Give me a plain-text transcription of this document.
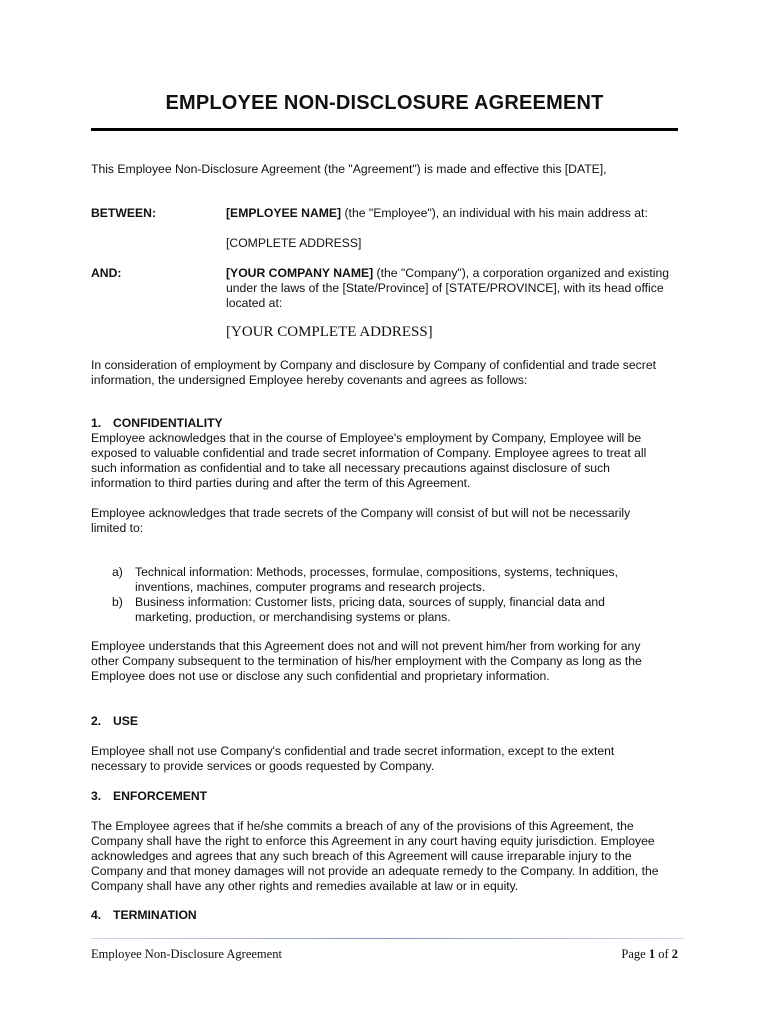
EMPLOYEE NON-DISCLOSURE AGREEMENT
This Employee Non-Disclosure Agreement (the "Agreement") is made and effective this [DATE],
BETWEEN:	[EMPLOYEE NAME] (the "Employee"), an individual with his main address at:
[COMPLETE ADDRESS]
AND:	[YOUR COMPANY NAME] (the "Company"), a corporation organized and existing
under the laws of the [State/Province] of [STATE/PROVINCE], with its head office
located at:
[YOUR COMPLETE ADDRESS]
In consideration of employment by Company and disclosure by Company of confidential and trade secret
information, the undersigned Employee hereby covenants and agrees as follows:
1. CONFIDENTIALITY
Employee acknowledges that in the course of Employee's employment by Company, Employee will be
exposed to valuable confidential and trade secret information of Company. Employee agrees to treat all
such information as confidential and to take all necessary precautions against disclosure of such
information to third parties during and after the term of this Agreement.
Employee acknowledges that trade secrets of the Company will consist of but will not be necessarily
limited to:
a) Technical information: Methods, processes, formulae, compositions, systems, techniques,
inventions, machines, computer programs and research projects.
b) Business information: Customer lists, pricing data, sources of supply, financial data and
marketing, production, or merchandising systems or plans.
Employee understands that this Agreement does not and will not prevent him/her from working for any
other Company subsequent to the termination of his/her employment with the Company as long as the
Employee does not use or disclose any such confidential and proprietary information.
2. USE
Employee shall not use Company's confidential and trade secret information, except to the extent
necessary to provide services or goods requested by Company.
3. ENFORCEMENT
The Employee agrees that if he/she commits a breach of any of the provisions of this Agreement, the
Company shall have the right to enforce this Agreement in any court having equity jurisdiction. Employee
acknowledges and agrees that any such breach of this Agreement will cause irreparable injury to the
Company and that money damages will not provide an adequate remedy to the Company. In addition, the
Company shall have any other rights and remedies available at law or in equity.
4. TERMINATION
Employee Non-Disclosure Agreement	Page 1 of 2
